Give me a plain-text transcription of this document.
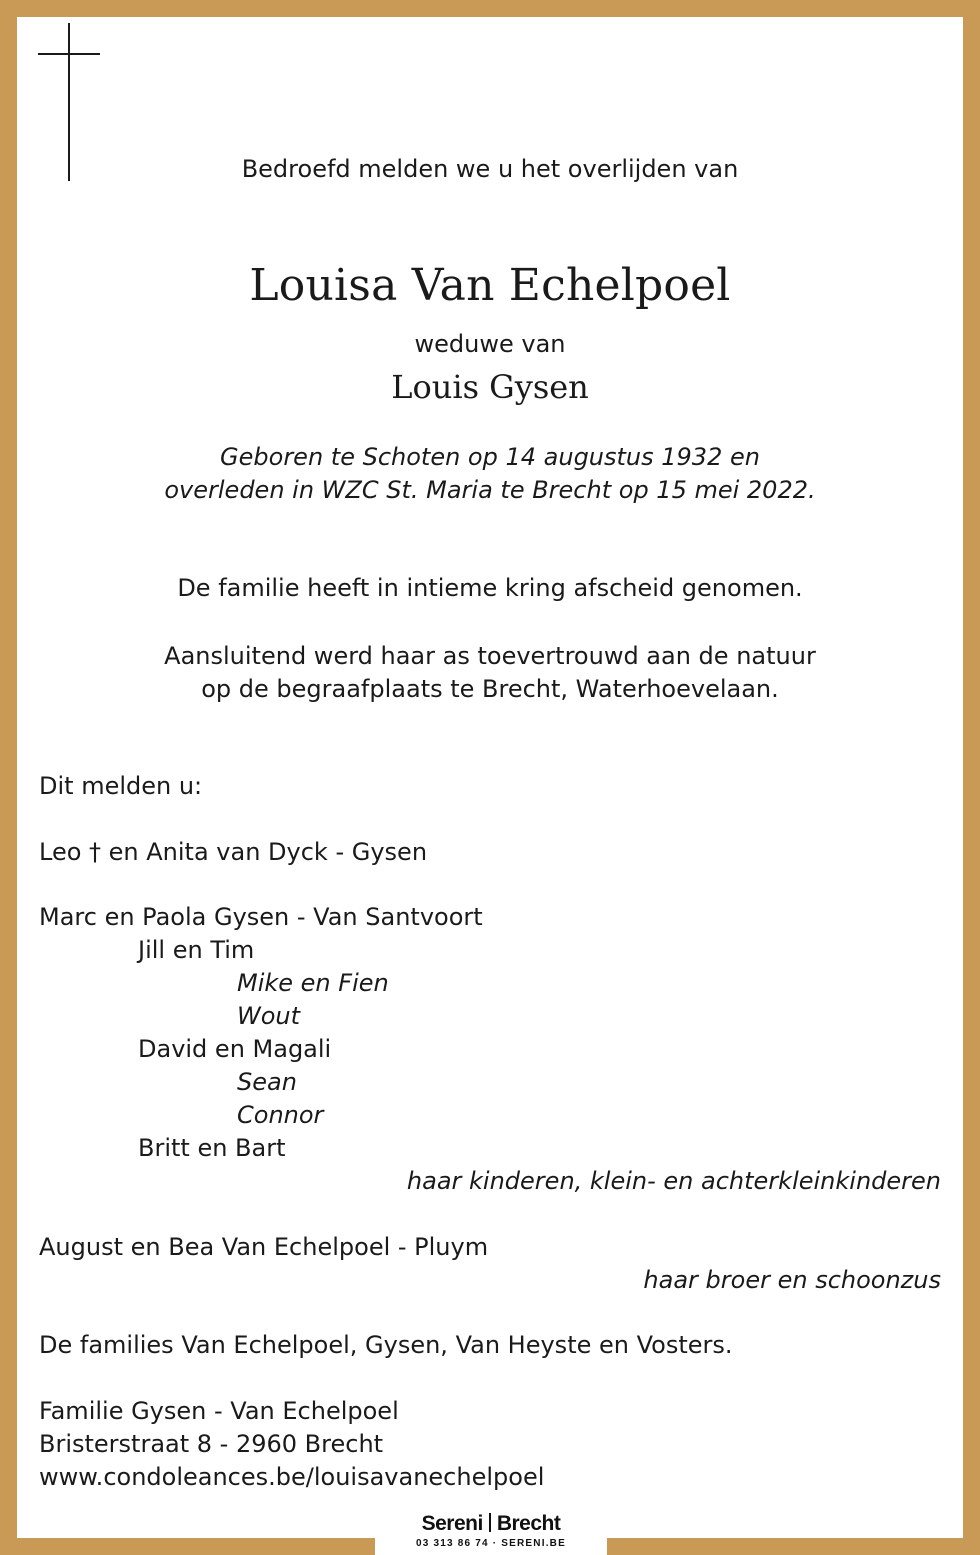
Bedroefd melden we u het overlijden van
Louisa Van Echelpoel
weduwe van
Louis Gysen
Geboren te Schoten op 14 augustus 1932 en
overleden in WZC St. Maria te Brecht op 15 mei 2022.
De familie heeft in intieme kring afscheid genomen.
Aansluitend werd haar as toevertrouwd aan de natuur
op de begraafplaats te Brecht, Waterhoevelaan.
Dit melden u:
Leo † en Anita van Dyck - Gysen
Marc en Paola Gysen - Van Santvoort
Jill en Tim
Mike en Fien
Wout
David en Magali
Sean
Connor
Britt en Bart
haar kinderen, klein- en achterkleinkinderen
August en Bea Van Echelpoel - Pluym
haar broer en schoonzus
De families Van Echelpoel, Gysen, Van Heyste en Vosters.
Familie Gysen - Van Echelpoel
Bristerstraat 8 - 2960 Brecht
www.condoleances.be/louisavanechelpoel
Sereni Brecht
03 313 86 74 · SERENI.BE
